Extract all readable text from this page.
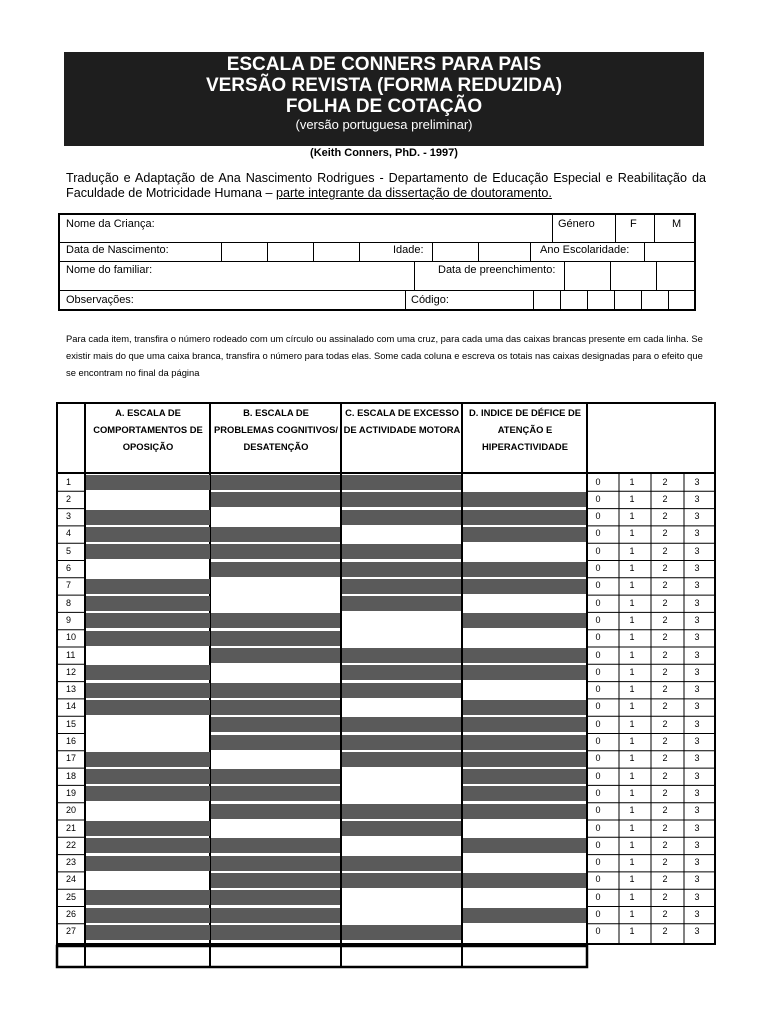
ESCALA DE CONNERS PARA PAIS
VERSÃO REVISTA (FORMA REDUZIDA)
FOLHA DE COTAÇÃO
(versão portuguesa preliminar)
(Keith Conners, PhD. - 1997)
Tradução e Adaptação de Ana Nascimento Rodrigues - Departamento de Educação Especial e Reabilitação da Faculdade de Motricidade Humana – parte integrante da dissertação de doutoramento.
Nome da Criança:	Género	F	M
Data de Nascimento:	Idade:	Ano Escolaridade:
Nome do familiar:	Data de preenchimento:
Observações:	Código:
Para cada item, transfira o número rodeado com um círculo ou assinalado com uma cruz, para cada uma das caixas brancas presente em cada linha. Se existir mais do que uma caixa branca, transfira o número para todas elas. Some cada coluna e escreva os totais nas caixas designadas para o efeito que se encontram no final da página
A. ESCALA DE COMPORTAMENTOS DE OPOSIÇÃO
B. ESCALA DE PROBLEMAS COGNITIVOS/ DESATENÇÃO
C. ESCALA DE EXCESSO DE ACTIVIDADE MOTORA
D. INDICE DE DÉFICE DE ATENÇÃO E HIPERACTIVIDADE
1	0	1	2	3
2	0	1	2	3
3	0	1	2	3
4	0	1	2	3
5	0	1	2	3
6	0	1	2	3
7	0	1	2	3
8	0	1	2	3
9	0	1	2	3
10	0	1	2	3
11	0	1	2	3
12	0	1	2	3
13	0	1	2	3
14	0	1	2	3
15	0	1	2	3
16	0	1	2	3
17	0	1	2	3
18	0	1	2	3
19	0	1	2	3
20	0	1	2	3
21	0	1	2	3
22	0	1	2	3
23	0	1	2	3
24	0	1	2	3
25	0	1	2	3
26	0	1	2	3
27	0	1	2	3
